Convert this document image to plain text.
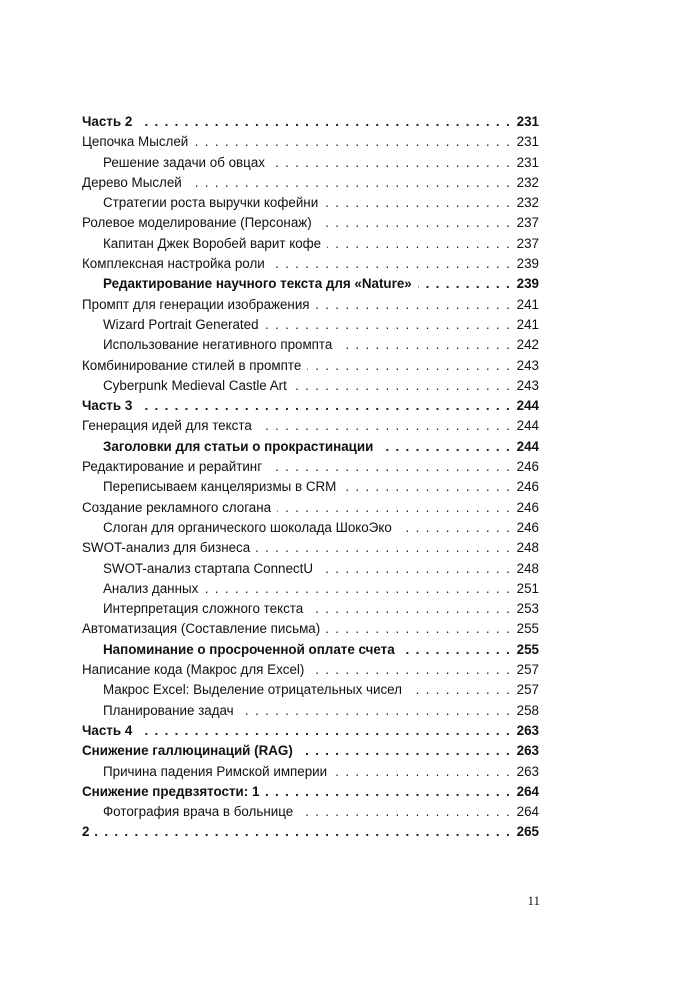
Часть 2 . . .	231
Цепочка Мыслей . . .	231
Решение задачи об овцах . . .	231
Дерево Мыслей . . .	232
Стратегии роста выручки кофейни . . .	232
Ролевое моделирование (Персонаж) . . .	237
Капитан Джек Воробей варит кофе . . .	237
Комплексная настройка роли . . .	239
Редактирование научного текста для «Nature» . . .	239
Промпт для генерации изображения . . .	241
Wizard Portrait Generated . . .	241
Использование негативного промпта . . .	242
Комбинирование стилей в промпте . . .	243
Cyberpunk Medieval Castle Art . . .	243
Часть 3 . . .	244
Генерация идей для текста . . .	244
Заголовки для статьи о прокрастинации . . .	244
Редактирование и рерайтинг . . .	246
Переписываем канцеляризмы в CRM . . .	246
Создание рекламного слогана . . .	246
Слоган для органического шоколада ШокоЭко . . .	246
SWOT-анализ для бизнеса . . .	248
SWOT-анализ стартапа ConnectU . . .	248
Анализ данных . . .	251
Интерпретация сложного текста . . .	253
Автоматизация (Составление письма) . . .	255
Напоминание о просроченной оплате счета . . .	255
Написание кода (Макрос для Excel) . . .	257
Макрос Excel: Выделение отрицательных чисел . . .	257
Планирование задач . . .	258
Часть 4 . . .	263
Снижение галлюцинаций (RAG) . . .	263
Причина падения Римской империи . . .	263
Снижение предвзятости: 1 . . .	264
Фотография врача в больнице . . .	264
2 . . .	265
11
